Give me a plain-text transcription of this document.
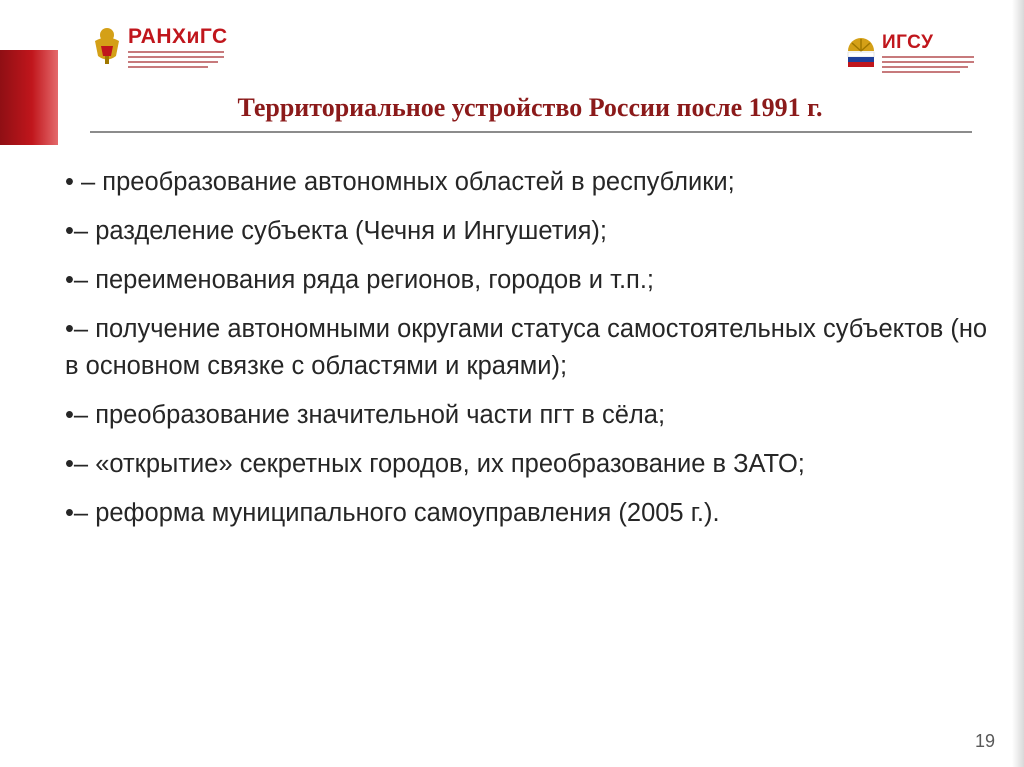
РАНХиГС	ИГСУ
Территориальное устройство России после 1991 г.
• – преобразование автономных областей в республики;
•– разделение субъекта (Чечня и Ингушетия);
•– переименования ряда регионов, городов и т.п.;
•– получение автономными округами статуса самостоятельных субъектов (но в основном связке с областями и краями);
•– преобразование значительной части пгт в сёла;
•– «открытие» секретных городов, их преобразование в ЗАТО;
•– реформа муниципального самоуправления (2005 г.).
19
